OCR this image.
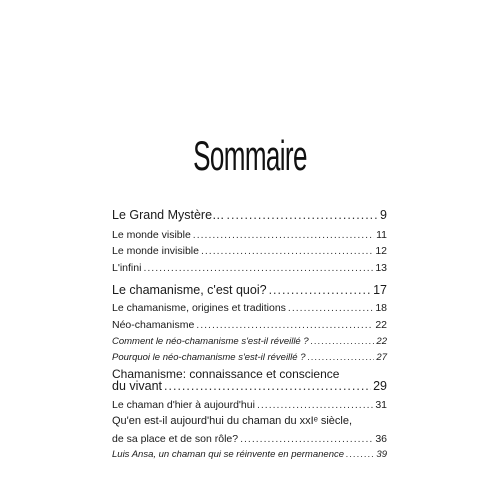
Sommaire
Le Grand Mystère… .....	9
Le monde visible .....	11
Le monde invisible .....	12
L'infini .....	13
Le chamanisme, c'est quoi? .....	17
Le chamanisme, origines et traditions .....	18
Néo-chamanisme .....	22
Comment le néo-chamanisme s'est-il réveillé ? .....	22
Pourquoi le néo-chamanisme s'est-il réveillé ? .....	27
Chamanisme: connaissance et conscience
du vivant .....	29
Le chaman d'hier à aujourd'hui .....	31
Qu'en est-il aujourd'hui du chaman du xxIᵉ siècle,
de sa place et de son rôle? .....	36
Luis Ansa, un chaman qui se réinvente en permanence .....	39
